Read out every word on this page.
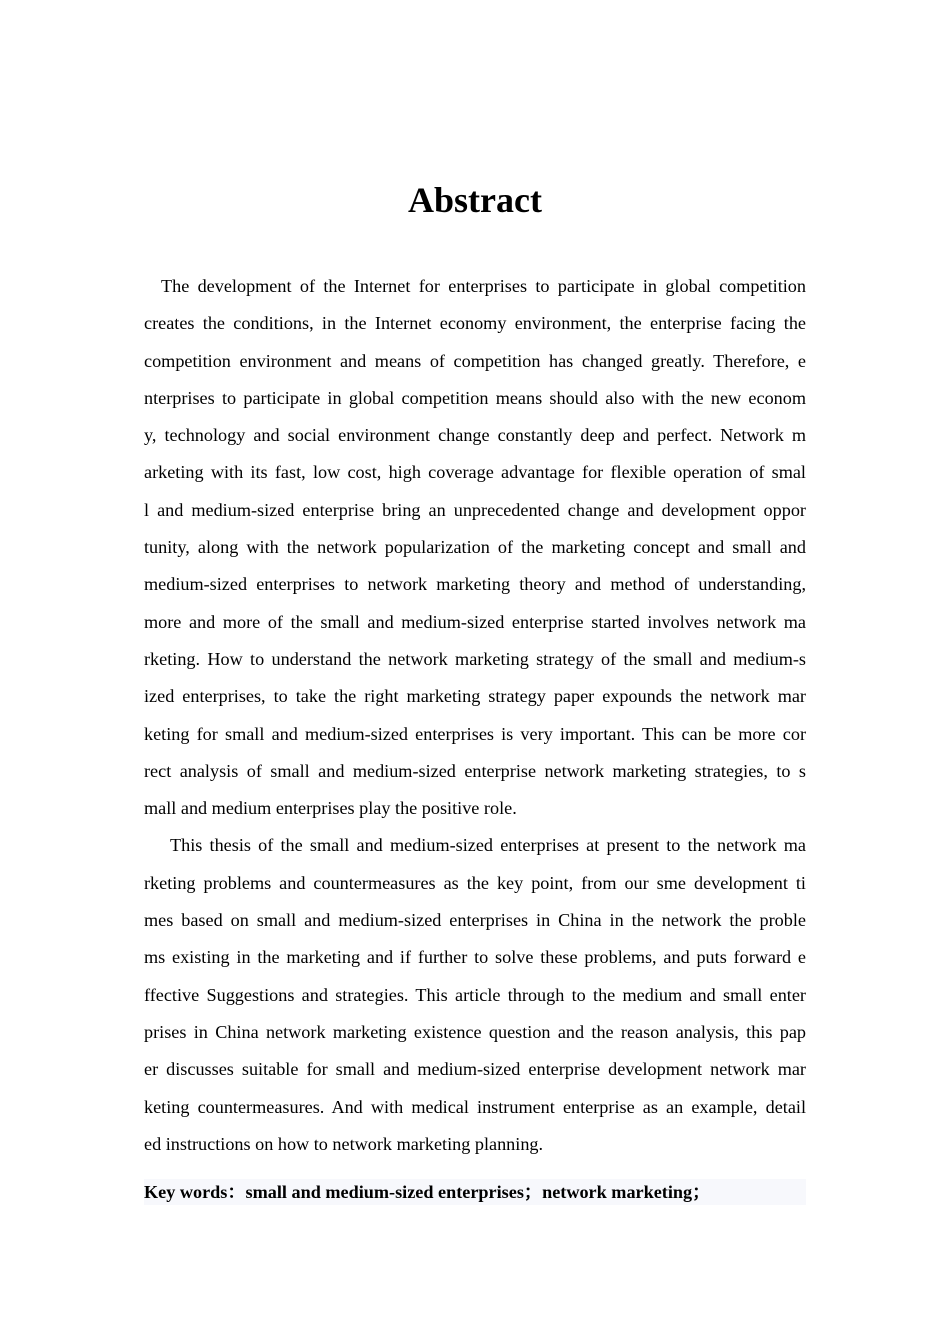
Abstract
The development of the Internet for enterprises to participate in global competition
creates the conditions, in the Internet economy environment, the enterprise facing the
competition environment and means of competition has changed greatly. Therefore, e
nterprises to participate in global competition means should also with the new econom
y, technology and social environment change constantly deep and perfect. Network m
arketing with its fast, low cost, high coverage advantage for flexible operation of smal
l and medium-sized enterprise bring an unprecedented change and development oppor
tunity, along with the network popularization of the marketing concept and small and
medium-sized enterprises to network marketing theory and method of understanding,
more and more of the small and medium-sized enterprise started involves network ma
rketing. How to understand the network marketing strategy of the small and medium-s
ized enterprises, to take the right marketing strategy paper expounds the network mar
keting for small and medium-sized enterprises is very important. This can be more cor
rect analysis of small and medium-sized enterprise network marketing strategies, to s
mall and medium enterprises play the positive role.
This thesis of the small and medium-sized enterprises at present to the network ma
rketing problems and countermeasures as the key point, from our sme development ti
mes based on small and medium-sized enterprises in China in the network the proble
ms existing in the marketing and if further to solve these problems, and puts forward e
ffective Suggestions and strategies. This article through to the medium and small enter
prises in China network marketing existence question and the reason analysis, this pap
er discusses suitable for small and medium-sized enterprise development network mar
keting countermeasures. And with medical instrument enterprise as an example, detail
ed instructions on how to network marketing planning.
Key words：small and medium-sized enterprises；network marketing；
